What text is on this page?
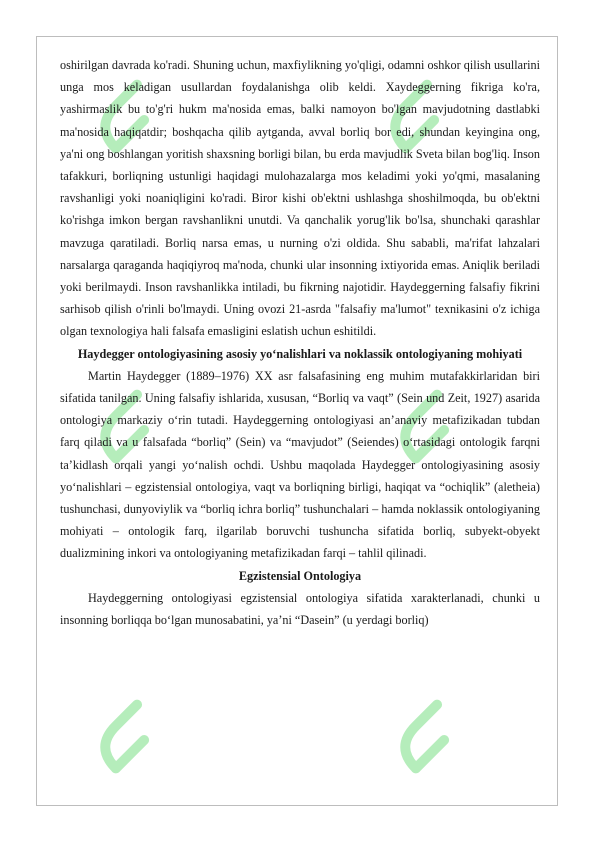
oshirilgan davrada ko'radi. Shuning uchun, maxfiylikning yo'qligi, odamni oshkor qilish usullarini unga mos keladigan usullardan foydalanishga olib keldi. Xaydeggerning fikriga ko'ra, yashirmaslik bu to'g'ri hukm ma'nosida emas, balki namoyon bo'lgan mavjudotning dastlabki ma'nosida haqiqatdir; boshqacha qilib aytganda, avval borliq bor edi, shundan keyingina ong, ya'ni ong boshlangan yoritish shaxsning borligi bilan, bu erda mavjudlik Sveta bilan bog'liq. Inson tafakkuri, borliqning ustunligi haqidagi mulohazalarga mos keladimi yoki yo'qmi, masalaning ravshanligi yoki noaniqligini ko'radi. Biror kishi ob'ektni ushlashga shoshilmoqda, bu ob'ektni ko'rishga imkon bergan ravshanlikni unutdi. Va qanchalik yorug'lik bo'lsa, shunchaki qarashlar mavzuga qaratiladi. Borliq narsa emas, u nurning o'zi oldida. Shu sababli, ma'rifat lahzalari narsalarga qaraganda haqiqiyroq ma'noda, chunki ular insonning ixtiyorida emas. Aniqlik beriladi yoki berilmaydi. Inson ravshanlikka intiladi, bu fikrning najotidir. Haydeggerning falsafiy fikrini sarhisob qilish o'rinli bo'lmaydi. Uning ovozi 21-asrda "falsafiy ma'lumot" texnikasini o'z ichiga olgan texnologiya hali falsafa emasligini eslatish uchun eshitildi.

Haydegger ontologiyasining asosiy yo‘nalishlari va noklassik ontologiyaning mohiyati

Martin Haydegger (1889–1976) XX asr falsafasining eng muhim mutafakkirlaridan biri sifatida tanilgan. Uning falsafiy ishlarida, xususan, “Borliq va vaqt” (Sein und Zeit, 1927) asarida ontologiya markaziy o‘rin tutadi. Haydeggerning ontologiyasi an’anaviy metafizikadan tubdan farq qiladi va u falsafada “borliq” (Sein) va “mavjudot” (Seiendes) o‘rtasidagi ontologik farqni ta’kidlash orqali yangi yo‘nalish ochdi. Ushbu maqolada Haydegger ontologiyasining asosiy yo‘nalishlari – egzistensial ontologiya, vaqt va borliqning birligi, haqiqat va “ochiqlik” (aletheia) tushunchasi, dunyoviylik va “borliq ichra borliq” tushunchalari – hamda noklassik ontologiyaning mohiyati – ontologik farq, ilgarilab boruvchi tushuncha sifatida borliq, subyekt-obyekt dualizmining inkori va ontologiyaning metafizikadan farqi – tahlil qilinadi.

Egzistensial Ontologiya

Haydeggerning ontologiyasi egzistensial ontologiya sifatida xarakterlanadi, chunki u insonning borliqqa bo‘lgan munosabatini, ya’ni “Dasein” (u yerdagi borliq)
